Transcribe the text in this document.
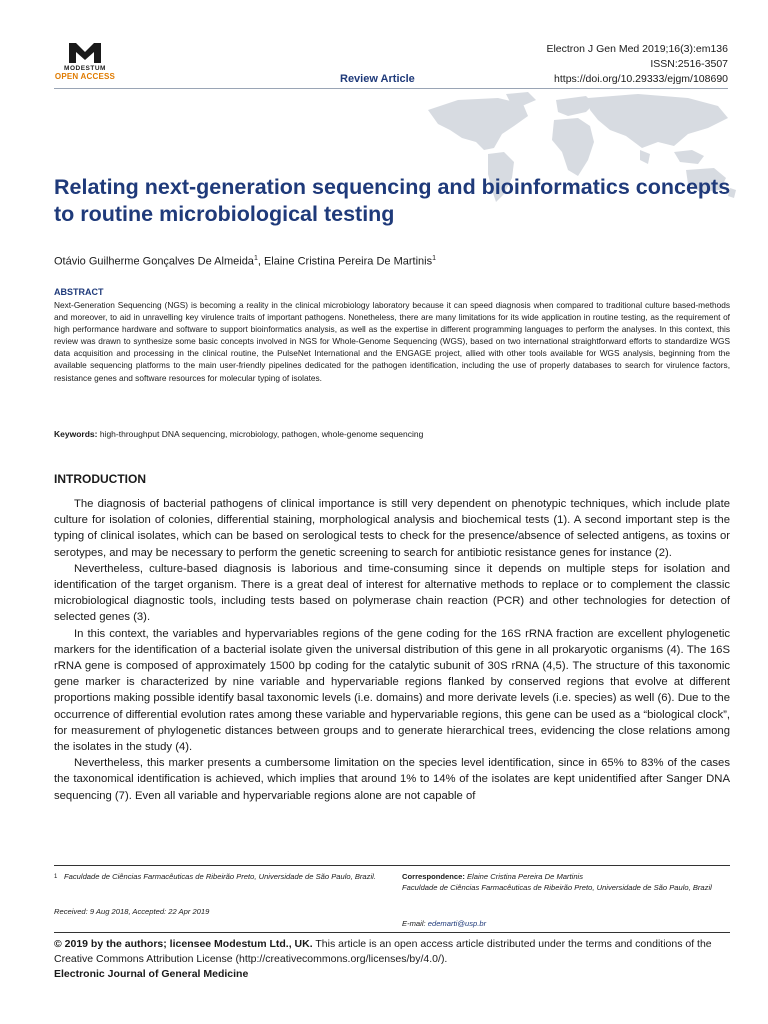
MODESTUM
OPEN ACCESS	Review Article
Electron J Gen Med 2019;16(3):em136
ISSN:2516-3507
https://doi.org/10.29333/ejgm/108690
Relating next-generation sequencing and bioinformatics concepts to routine microbiological testing
Otávio Guilherme Gonçalves De Almeida$^1$, Elaine Cristina Pereira De Martinis$^1$
ABSTRACT

Next-Generation Sequencing (NGS) is becoming a reality in the clinical microbiology laboratory because it can speed diagnosis when compared to traditional culture based-methods and moreover, to aid in unravelling key virulence traits of important pathogens. Nonetheless, there are many limitations for its wide application in routine testing, as the requirement of high performance hardware and software to support bioinformatics analysis, as well as the expertise in different programming languages to perform the analyses. In this context, this review was drawn to synthesize some basic concepts involved in NGS for Whole-Genome Sequencing (WGS), based on two international straightforward efforts to standardize WGS data acquisition and processing in the clinical routine, the PulseNet International and the ENGAGE project, allied with other tools available for WGS analysis, beginning from the available sequencing platforms to the main user-friendly pipelines dedicated for the pathogen identification, including the use of properly databases to search for virulence factors, resistance genes and software resources for molecular typing of isolates.

Keywords: high-throughput DNA sequencing, microbiology, pathogen, whole-genome sequencing
INTRODUCTION

The diagnosis of bacterial pathogens of clinical importance is still very dependent on phenotypic techniques, which include plate culture for isolation of colonies, differential staining, morphological analysis and biochemical tests (1). A second important step is the typing of clinical isolates, which can be based on serological tests to check for the presence/absence of selected antigens, as toxins or serotypes, and may be necessary to perform the genetic screening to search for antibiotic resistance genes for instance (2).

Nevertheless, culture-based diagnosis is laborious and time-consuming since it depends on multiple steps for isolation and identification of the target organism. There is a great deal of interest for alternative methods to replace or to complement the classic microbiological diagnostic tools, including tests based on polymerase chain reaction (PCR) and other technologies for detection of selected genes (3).

In this context, the variables and hypervariables regions of the gene coding for the 16S rRNA fraction are excellent phylogenetic markers for the identification of a bacterial isolate given the universal distribution of this gene in all prokaryotic organisms (4). The 16S rRNA gene is composed of approximately 1500 bp coding for the catalytic subunit of 30S rRNA (4,5). The structure of this taxonomic gene marker is characterized by nine variable and hypervariable regions flanked by conserved regions that evolve at different proportions making possible identify basal taxonomic levels (i.e. domains) and more derivate levels (i.e. species) as well (6). Due to the occurrence of differential evolution rates among these variable and hypervariable regions, this gene can be used as a “biological clock”, for measurement of phylogenetic distances between groups and to generate hierarchical trees, evidencing the close relations among the isolates in the study (4).

Nevertheless, this marker presents a cumbersome limitation on the species level identification, since in 65% to 83% of the cases the taxonomical identification is achieved, which implies that around 1% to 14% of the isolates are kept unidentified after Sanger DNA sequencing (7). Even all variable and hypervariable regions alone are not capable of

1 Faculdade de Ciências Farmacêuticas de Ribeirão Preto, Universidade de São Paulo, Brazil.
Received: 9 Aug 2018, Accepted: 22 Apr 2019
Correspondence: Elaine Cristina Pereira De Martinis
Faculdade de Ciências Farmacêuticas de Ribeirão Preto, Universidade de São Paulo, Brazil
E-mail: edemarti@usp.br
© 2019 by the authors; licensee Modestum Ltd., UK. This article is an open access article distributed under the terms and conditions of the Creative Commons Attribution License (http://creativecommons.org/licenses/by/4.0/).
Electronic Journal of General Medicine
